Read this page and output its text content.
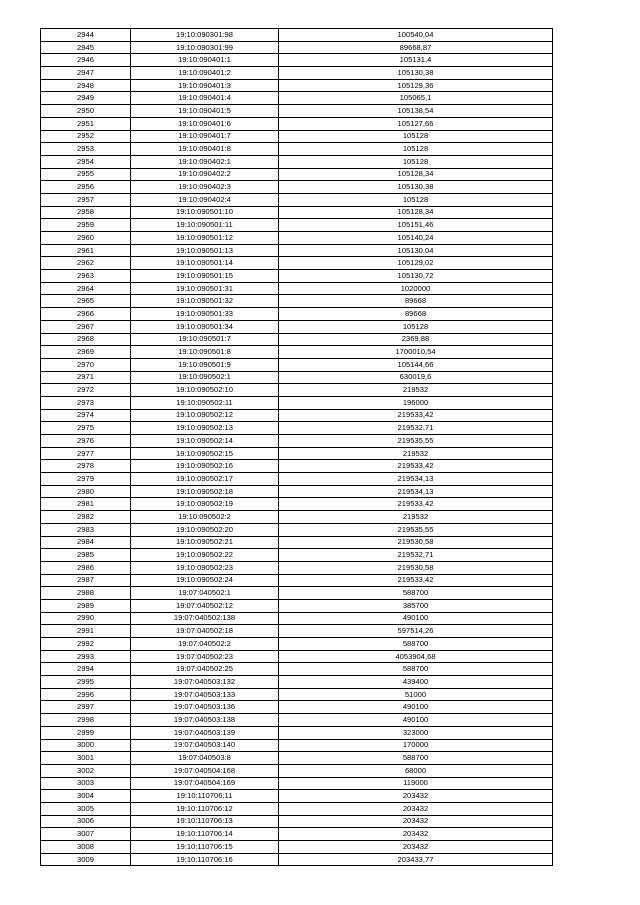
2944	19:10:090301:98	100540,04
2945	19:10:090301:99	89668,87
2946	19:10:090401:1	105131,4
2947	19:10:090401:2	105130,38
2948	19:10:090401:3	105129,36
2949	19:10:090401:4	105065,1
2950	19:10:090401:5	105138,54
2951	19:10:090401:6	105127,66
2952	19:10:090401:7	105128
2953	19:10:090401:8	105128
2954	19:10:090402:1	105128
2955	19:10:090402:2	105128,34
2956	19:10:090402:3	105130,38
2957	19:10:090402:4	105128
2958	19:10:090501:10	105128,34
2959	19:10:090501:11	105151,46
2960	19:10:090501:12	105140,24
2961	19:10:090501:13	105130,04
2962	19:10:090501:14	105129,02
2963	19:10:090501:15	105130,72
2964	19:10:090501:31	1020000
2965	19:10:090501:32	89668
2966	19:10:090501:33	89668
2967	19:10:090501:34	105128
2968	19:10:090501:7	2369,88
2969	19:10:090501:8	1700010,54
2970	19:10:090501:9	105144,66
2971	19:10:090502:1	630019,6
2972	19:10:090502:10	219532
2973	19:10:090502:11	196000
2974	19:10:090502:12	219533,42
2975	19:10:090502:13	219532,71
2976	19:10:090502:14	219535,55
2977	19:10:090502:15	219532
2978	19:10:090502:16	219533,42
2979	19:10:090502:17	219534,13
2980	19:10:090502:18	219534,13
2981	19:10:090502:19	219533,42
2982	19:10:090502:2	219532
2983	19:10:090502:20	219535,55
2984	19:10:090502:21	219530,58
2985	19:10:090502:22	219532,71
2986	19:10:090502:23	219530,58
2987	19:10:090502:24	219533,42
2988	19:07:040502:1	588700
2989	19:07:040502:12	385700
2990	19:07:040502:138	490100
2991	19:07:040502:18	597514,26
2992	19:07:040502:2	588700
2993	19:07:040502:23	4053904,68
2994	19:07:040502:25	588700
2995	19:07:040503:132	439400
2996	19:07:040503:133	51000
2997	19:07:040503:136	490100
2998	19:07:040503:138	490100
2999	19:07:040503:139	323000
3000	19:07:040503:140	170000
3001	19:07:040503:8	588700
3002	19:07:040504:168	68000
3003	19:07:040504:169	119000
3004	19:10:110706:11	203432
3005	19:10:110706:12	203432
3006	19:10:110706:13	203432
3007	19:10:110706:14	203432
3008	19:10:110706:15	203432
3009	19:10:110706:16	203433,77
